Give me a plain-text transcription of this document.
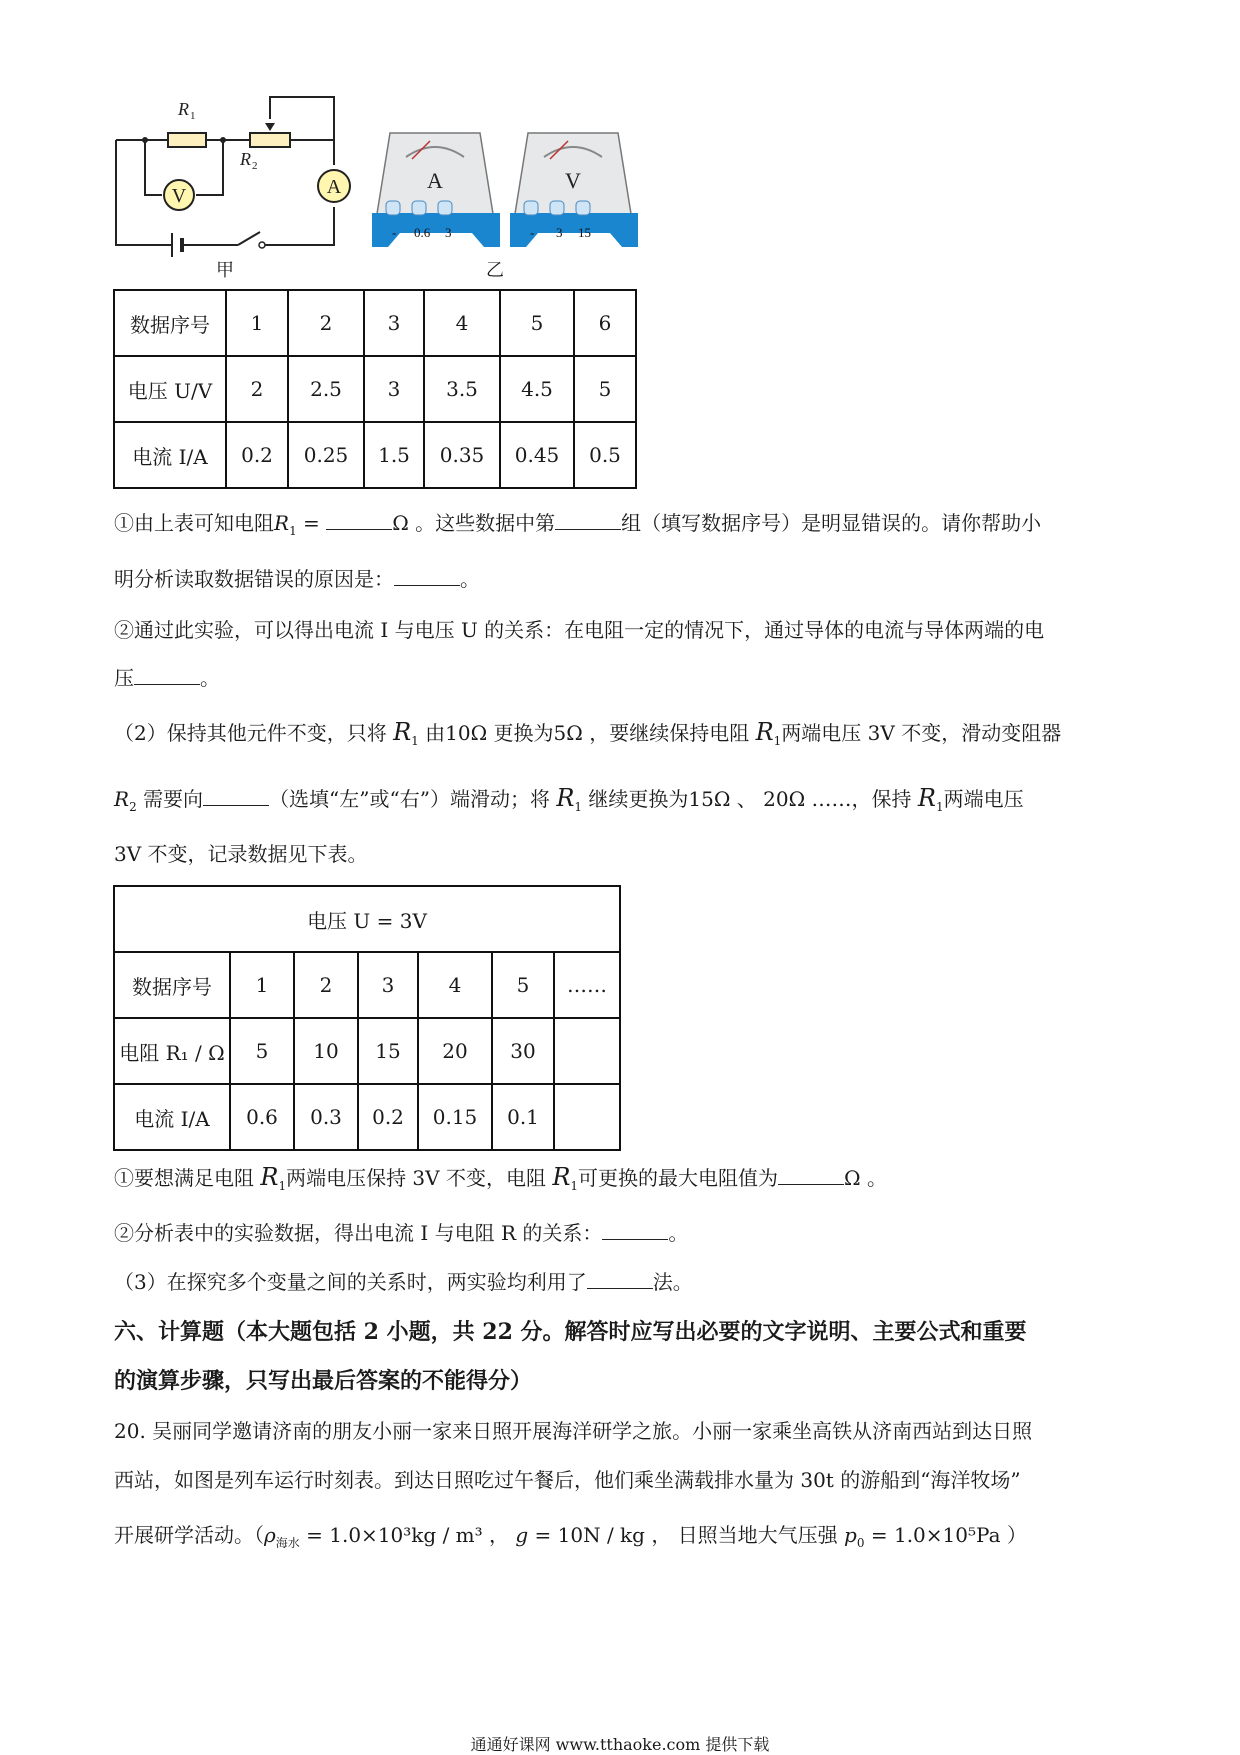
V	A
R 1
R 2
甲
A
- 0.6 3
V
- 3 15
乙
数据序号	1	2	3	4	5	6
电压 U/V	2	2.5	3	3.5	4.5	5
电流 I/A	0.2	0.25	1.5	0.35	0.45	0.5
①由上表可知电阻$R_1$ =	Ω 。这些数据中第	组（填写数据序号）是明显错误的。请你帮助小
明分析读取数据错误的原因是：	。
②通过此实验，可以得出电流 I 与电压 U 的关系：在电阻一定的情况下，通过导体的电流与导体两端的电
压	。
（2）保持其他元件不变，只将 $R_1$ 由10Ω 更换为5Ω ，要继续保持电阻 $R_1$两端电压 3V 不变，滑动变阻器
$R_2$ 需要向	（选填“左”或“右”）端滑动；将 $R_1$ 继续更换为15Ω 、 20Ω ……，保持 $R_1$两端电压
3V 不变，记录数据见下表。
电压 U = 3V						
数据序号	1	2	3	4	5	……
电阻 R₁ / Ω	5	10	15	20	30	
电流 I/A	0.6	0.3	0.2	0.15	0.1	
①要想满足电阻 $R_1$两端电压保持 3V 不变，电阻 $R_1$可更换的最大电阻值为	Ω 。
②分析表中的实验数据，得出电流 I 与电阻 R 的关系：	。
（3）在探究多个变量之间的关系时，两实验均利用了	法。
六、计算题（本大题包括 2 小题，共 22 分。解答时应写出必要的文字说明、主要公式和重要
的演算步骤，只写出最后答案的不能得分）
20. 吴丽同学邀请济南的朋友小丽一家来日照开展海洋研学之旅。小丽一家乘坐高铁从济南西站到达日照
西站，如图是列车运行时刻表。到达日照吃过午餐后，他们乘坐满载排水量为 30t 的游船到“海洋牧场”
开展研学活动。（$\rho_{海水} = 1.0\times 10^3kg / m^3$ ， g = 10N / kg ， 日照当地大气压强 $p_0 = 1.0\times 10^5Pa$ ）
通通好课网 www.tthaoke.com 提供下载
